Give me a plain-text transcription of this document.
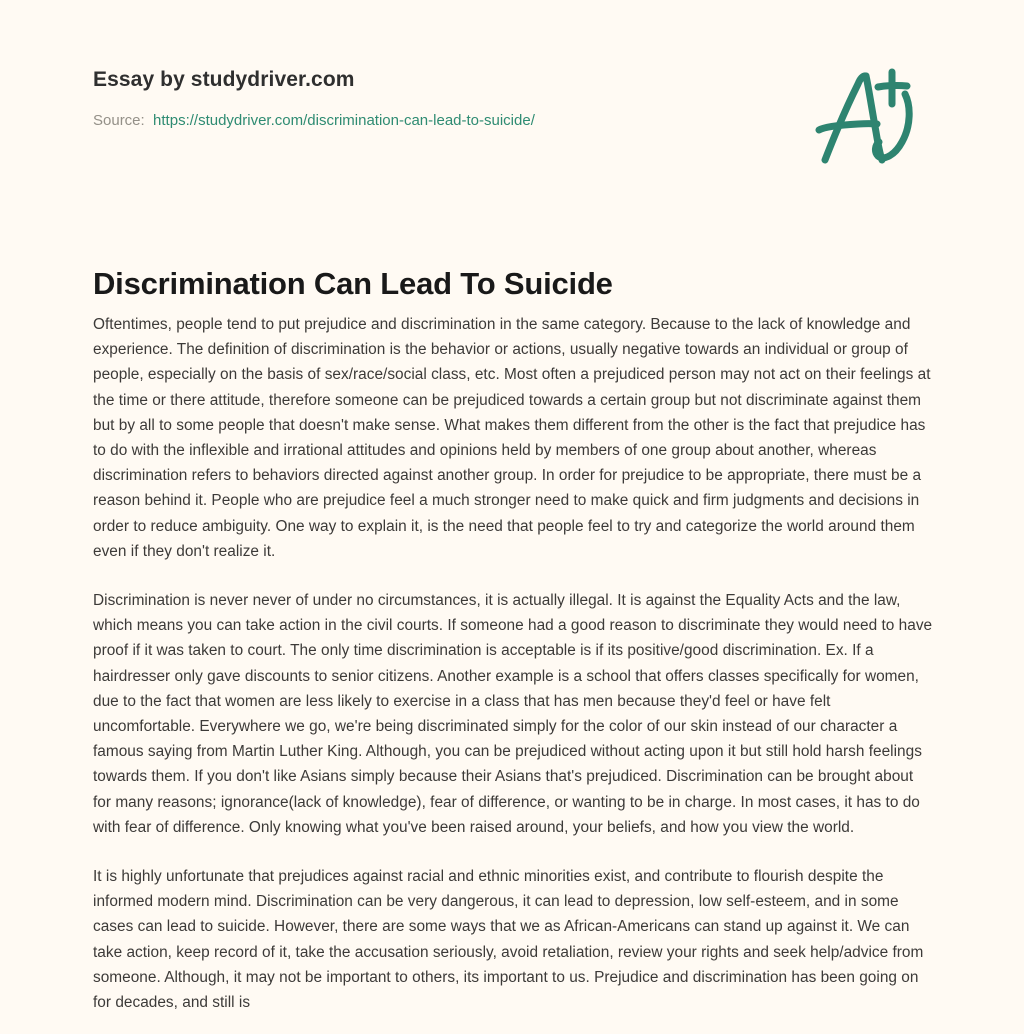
Essay by studydriver.com
Source: https://studydriver.com/discrimination-can-lead-to-suicide/
Discrimination Can Lead To Suicide

Oftentimes, people tend to put prejudice and discrimination in the same category. Because to the lack of knowledge and experience. The definition of discrimination is the behavior or actions, usually negative towards an individual or group of people, especially on the basis of sex/race/social class, etc. Most often a prejudiced person may not act on their feelings at the time or there attitude, therefore someone can be prejudiced towards a certain group but not discriminate against them but by all to some people that doesn't make sense. What makes them different from the other is the fact that prejudice has to do with the inflexible and irrational attitudes and opinions held by members of one group about another, whereas discrimination refers to behaviors directed against another group. In order for prejudice to be appropriate, there must be a reason behind it. People who are prejudice feel a much stronger need to make quick and firm judgments and decisions in order to reduce ambiguity. One way to explain it, is the need that people feel to try and categorize the world around them even if they don't realize it.

Discrimination is never never of under no circumstances, it is actually illegal. It is against the Equality Acts and the law, which means you can take action in the civil courts. If someone had a good reason to discriminate they would need to have proof if it was taken to court. The only time discrimination is acceptable is if its positive/good discrimination. Ex. If a hairdresser only gave discounts to senior citizens. Another example is a school that offers classes specifically for women, due to the fact that women are less likely to exercise in a class that has men because they'd feel or have felt uncomfortable. Everywhere we go, we're being discriminated simply for the color of our skin instead of our character a famous saying from Martin Luther King. Although, you can be prejudiced without acting upon it but still hold harsh feelings towards them. If you don't like Asians simply because their Asians that's prejudiced. Discrimination can be brought about for many reasons; ignorance(lack of knowledge), fear of difference, or wanting to be in charge. In most cases, it has to do with fear of difference. Only knowing what you've been raised around, your beliefs, and how you view the world.

It is highly unfortunate that prejudices against racial and ethnic minorities exist, and contribute to flourish despite the informed modern mind. Discrimination can be very dangerous, it can lead to depression, low self-esteem, and in some cases can lead to suicide. However, there are some ways that we as African-Americans can stand up against it. We can take action, keep record of it, take the accusation seriously, avoid retaliation, review your rights and seek help/advice from someone. Although, it may not be important to others, its important to us. Prejudice and discrimination has been going on for decades, and still is
